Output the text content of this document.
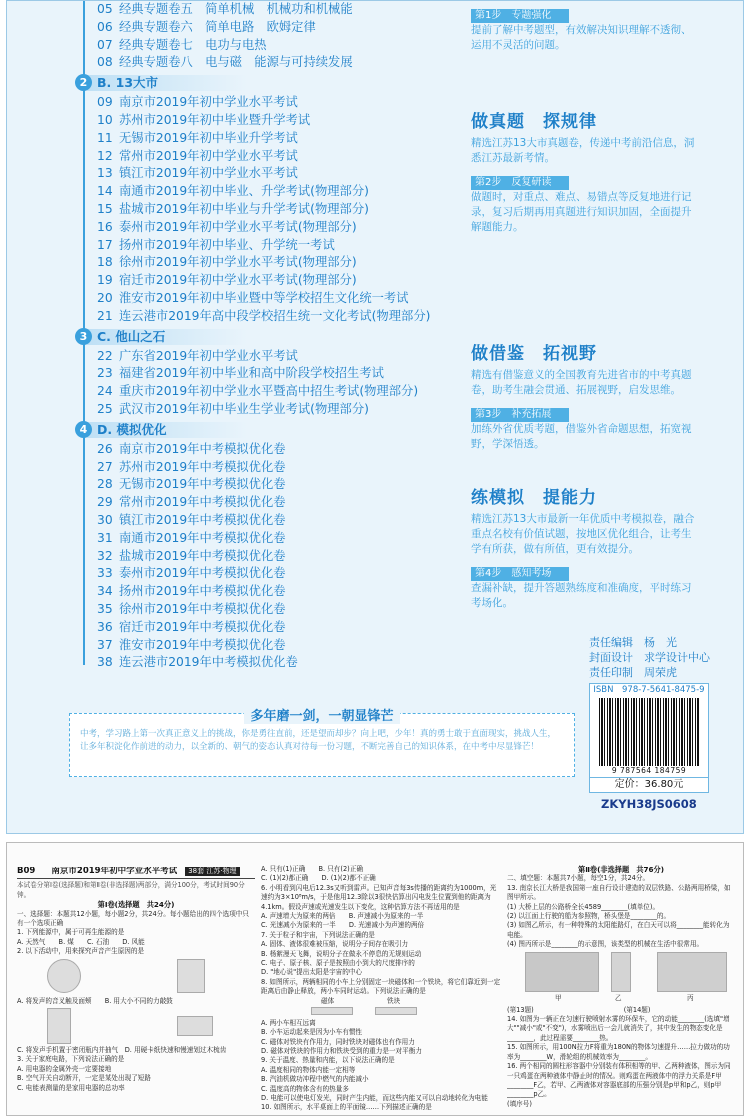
05 经典专题卷五　简单机械　机械功和机械能
06 经典专题卷六　简单电路　欧姆定律
07 经典专题卷七　电功与电热
08 经典专题卷八　电与磁　能源与可持续发展
2 B. 13大市
09 南京市2019年初中学业水平考试
10 苏州市2019年初中毕业暨升学考试
11 无锡市2019年初中毕业升学考试
12 常州市2019年初中学业水平考试
13 镇江市2019年初中学业水平考试
14 南通市2019年初中毕业、升学考试(物理部分)
15 盐城市2019年初中毕业与升学考试(物理部分)
16 泰州市2019年初中学业水平考试(物理部分)
17 扬州市2019年初中毕业、升学统一考试
18 徐州市2019年初中学业水平考试(物理部分)
19 宿迁市2019年初中学业水平考试(物理部分)
20 淮安市2019年初中毕业暨中等学校招生文化统一考试
21 连云港市2019年高中段学校招生统一文化考试(物理部分)
3 C. 他山之石
22 广东省2019年初中学业水平考试
23 福建省2019年初中毕业和高中阶段学校招生考试
24 重庆市2019年初中学业水平暨高中招生考试(物理部分)
25 武汉市2019年初中毕业生学业考试(物理部分)
4 D. 模拟优化
26 南京市2019年中考模拟优化卷
27 苏州市2019年中考模拟优化卷
28 无锡市2019年中考模拟优化卷
29 常州市2019年中考模拟优化卷
30 镇江市2019年中考模拟优化卷
31 南通市2019年中考模拟优化卷
32 盐城市2019年中考模拟优化卷
33 泰州市2019年中考模拟优化卷
34 扬州市2019年中考模拟优化卷
35 徐州市2019年中考模拟优化卷
36 宿迁市2019年中考模拟优化卷
37 淮安市2019年中考模拟优化卷
38 连云港市2019年中考模拟优化卷
第1步　 专题强化
提前了解中考题型，有效解决知识理解不透彻、运用不灵活的问题。
做真题　探规律
精选江苏13大市真题卷，传递中考前沿信息，洞悉江苏最新考情。
第2步　 反复研读
做题时，对重点、难点、易错点等反复地进行记录，复习后期再用真题进行知识加固，全面提升解题能力。
做借鉴　拓视野
精选有借鉴意义的全国教育先进省市的中考真题卷，助考生融会贯通、拓展视野，启发思维。
第3步　 补充拓展
加练外省优质考题，借鉴外省命题思想，拓宽视野，学深悟透。
练模拟　提能力
精选江苏13大市最新一年优质中考模拟卷，融合重点名校有价值试题，按地区优化组合，让考生学有所获，做有所值，更有效提分。
第4步　 感知考场
查漏补缺，提升答题熟练度和准确度，平时练习考场化。
责任编辑　杨　光
封面设计　求学设计中心
责任印制　周荣虎
ISBN　978-7-5641-8475-9
9 787564 184759
定价：36.80元
ZKYH38JS0608
多年磨一剑，一朝显锋芒
中考，学习路上第一次真正意义上的挑战，你是勇往直前，还是望而却步？向上吧，少年！真的勇士敢于直面现实，挑战人生，让多年积淀化作前进的动力，以全新的、朝气的姿态认真对待每一份习题，不断完善自己的知识体系，在中考中尽显锋芒！
B09 南京市2019年初中学业水平考试 38套 江苏·物理
本试卷分第Ⅰ卷(选择题)和第Ⅱ卷(非选择题)两部分，满分100分，考试时间90分钟。
第Ⅰ卷(选择题　共24分)
一、选择题：本题共12小题，每小题2分，共24分。每小题给出的四个选项中只有一个选项正确
1. 下列能源中，属于可再生能源的是
A. 天然气　　B. 煤　　C. 石油　　D. 风能
2. 以下活动中，用来探究声音产生原因的是
A. 将发声的音叉触及面颊　　 B. 用大小不同的力敲鼓
C. 将发声手机置于密闭瓶内并抽气　 D. 用硬卡纸快速和慢速划过木梳齿
3. 关于家庭电路，下列说法正确的是
A. 用电器的金属外壳一定要接地
B. 空气开关自动断开，一定是某处出现了短路
C. 电能表测量的是家用电器的总功率
A. 只有(1)正确　　B. 只有(2)正确
C. (1)(2)都正确　　D. (1)(2)都不正确
6. 小明看到闪电后12.3s又听到雷声。已知声音每3s传播的距离约为1000m，光速约为3×10⁸m/s，于是他用12.3除以3很快估算出闪电发生位置到他的距离为4.1km。假设声速或光速发生以下变化，这种估算方法不再适用的是
A. 声速增大为原来的两倍　　B. 声速减小为原来的一半
C. 光速减小为原来的一半　　D. 光速减小为声速的两倍
7. 关于粒子和宇宙，下列说法正确的是
A. 固体、液体很难被压缩，说明分子间存在吸引力
B. 杨絮漫天飞舞，说明分子在做永不停息的无规则运动
C. 电子、原子核、原子是按照由小到大的尺度排序的
D. "地心说"提出太阳是宇宙的中心
8. 如图所示，两辆相同的小车上分别固定一块磁体和一个铁块，将它们靠近到一定距离后由静止释放，两小车同时运动。下列说法正确的是
磁体	铁块
A. 两小车相互远离
B. 小车运动起来是因为小车有惯性
C. 磁体对铁块有作用力，同时铁块对磁体也有作用力
D. 磁体对铁块的作用力和铁块受到的重力是一对平衡力
9. 关于温度、热量和内能，以下说法正确的是
A. 温度相同的物体内能一定相等
B. 汽油机做功冲程中燃气的内能减小
C. 温度高的物体含有的热量多
D. 电能可以使电灯发光，同时产生内能，而这些内能又可以自动地转化为电能
10. 如图所示，水平桌面上的平面镜……下列描述正确的是
第Ⅱ卷(非选择题　共76分)
二、填空题：本题共7小题，每空1分，共24分。
13. 南京长江大桥是我国第一座自行设计建造的双层铁路、公路两用桥梁，如图甲所示。
(1) 大桥上层的公路桥全长4589________(填单位)。
(2) 以江面上行驶的船为参照物，桥头堡是________的。
(3) 如图乙所示，有一种特殊的太阳能路灯，在白天可以将________能转化为电能。
(4) 图丙所示是________的示意图，该类型的机械在生活中很常用。
甲	乙	丙
(第13题)	(第14题)
14. 如图为一辆正在匀速行驶喷射水雾的环保车，它的动能________(选填"增大""减小"或"不变")，水雾喷出后一会儿就消失了，其中发生的物态变化是________，此过程需要________热。
15. 如图所示，用100N拉力F将重为180N的物体匀速提升……拉力做功的功率为________W，滑轮组的机械效率为________。
16. 两个相同的圆柱形容器中分别装有体积相等的甲、乙两种液体，图示为同一只鸡蛋在两种液体中静止时的情况。则鸡蛋在两液体中的浮力关系是F甲________F乙，若甲、乙两液体对容器底部的压强分别是p甲和p乙，则p甲________p乙。
(填序号)
